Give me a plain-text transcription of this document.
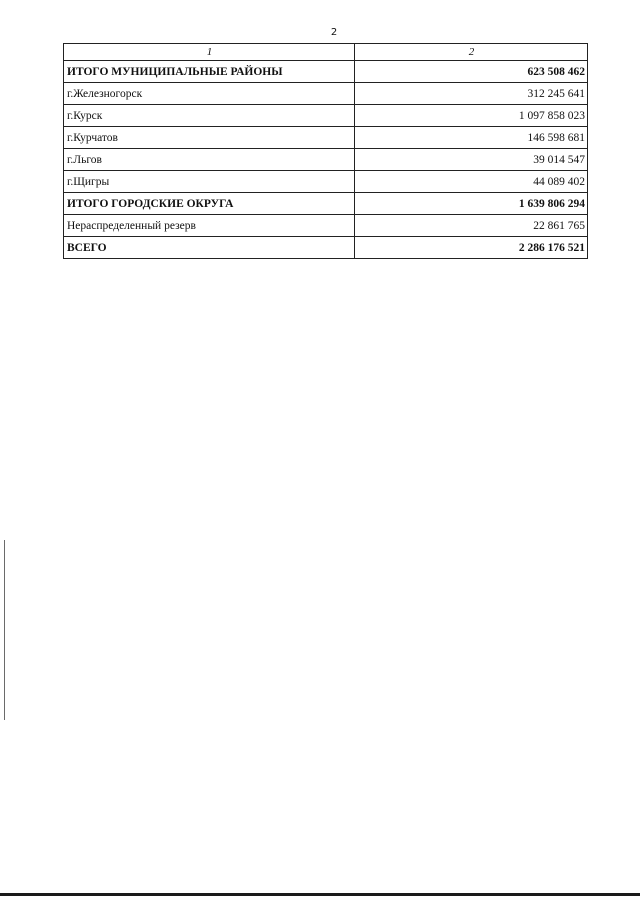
2
1	2
ИТОГО МУНИЦИПАЛЬНЫЕ РАЙОНЫ	623 508 462
г.Железногорск	312 245 641
г.Курск	1 097 858 023
г.Курчатов	146 598 681
г.Льгов	39 014 547
г.Щигры	44 089 402
ИТОГО ГОРОДСКИЕ ОКРУГА	1 639 806 294
Нераспределенный резерв	22 861 765
ВСЕГО	2 286 176 521
